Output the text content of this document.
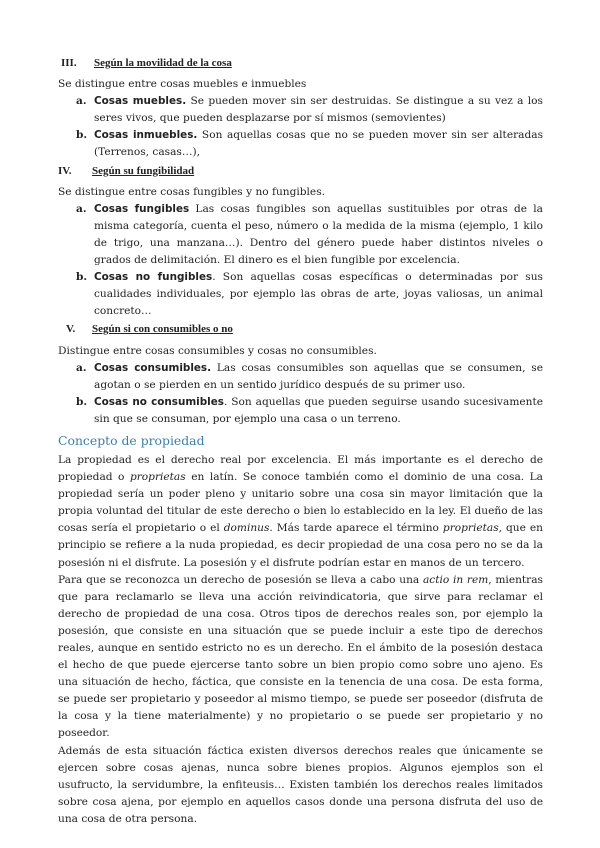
III.	Según la movilidad de la cosa

Se distingue entre cosas muebles e inmuebles

a. Cosas muebles. Se pueden mover sin ser destruidas. Se distingue a su vez a los seres vivos, que pueden desplazarse por sí mismos (semovientes)
b. Cosas inmuebles. Son aquellas cosas que no se pueden mover sin ser alteradas (Terrenos, casas…),
IV.	Según su fungibilidad

Se distingue entre cosas fungibles y no fungibles.

a. Cosas fungibles Las cosas fungibles son aquellas sustituibles por otras de la misma categoría, cuenta el peso, número o la medida de la misma (ejemplo, 1 kilo de trigo, una manzana…). Dentro del género puede haber distintos niveles o grados de delimitación. El dinero es el bien fungible por excelencia.
b. Cosas no fungibles. Son aquellas cosas específicas o determinadas por sus cualidades individuales, por ejemplo las obras de arte, joyas valiosas, un animal concreto…
V.	Según si con consumibles o no

Distingue entre cosas consumibles y cosas no consumibles.

a. Cosas consumibles. Las cosas consumibles son aquellas que se consumen, se agotan o se pierden en un sentido jurídico después de su primer uso.
b. Cosas no consumibles. Son aquellas que pueden seguirse usando sucesivamente sin que se consuman, por ejemplo una casa o un terreno.
Concepto de propiedad

La propiedad es el derecho real por excelencia. El más importante es el derecho de propiedad o proprietas en latín. Se conoce también como el dominio de una cosa. La propiedad sería un poder pleno y unitario sobre una cosa sin mayor limitación que la propia voluntad del titular de este derecho o bien lo establecido en la ley. El dueño de las cosas sería el propietario o el dominus. Más tarde aparece el término proprietas, que en principio se refiere a la nuda propiedad, es decir propiedad de una cosa pero no se da la posesión ni el disfrute. La posesión y el disfrute podrían estar en manos de un tercero.

Para que se reconozca un derecho de posesión se lleva a cabo una actio in rem, mientras que para reclamarlo se lleva una acción reivindicatoria, que sirve para reclamar el derecho de propiedad de una cosa. Otros tipos de derechos reales son, por ejemplo la posesión, que consiste en una situación que se puede incluir a este tipo de derechos reales, aunque en sentido estricto no es un derecho. En el ámbito de la posesión destaca el hecho de que puede ejercerse tanto sobre un bien propio como sobre uno ajeno. Es una situación de hecho, fáctica, que consiste en la tenencia de una cosa. De esta forma, se puede ser propietario y poseedor al mismo tiempo, se puede ser poseedor (disfruta de la cosa y la tiene materialmente) y no propietario o se puede ser propietario y no poseedor.

Además de esta situación fáctica existen diversos derechos reales que únicamente se ejercen sobre cosas ajenas, nunca sobre bienes propios. Algunos ejemplos son el usufructo, la servidumbre, la enfiteusis… Existen también los derechos reales limitados sobre cosa ajena, por ejemplo en aquellos casos donde una persona disfruta del uso de una cosa de otra persona.
